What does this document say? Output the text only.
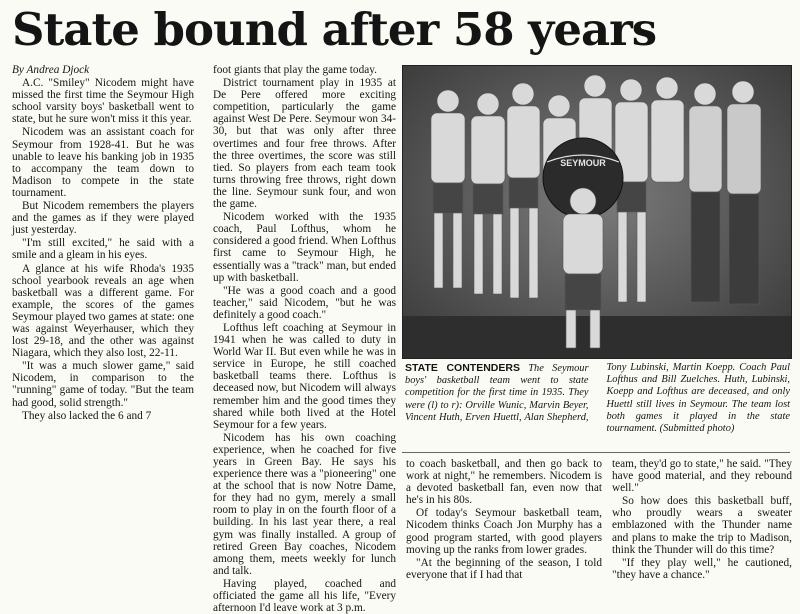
State bound after 58 years

By Andrea Djock

A.C. "Smiley" Nicodem might have missed the first time the Seymour High school varsity boys' basketball went to state, but he sure won't miss it this year.

Nicodem was an assistant coach for Seymour from 1928-41. But he was unable to leave his banking job in 1935 to accompany the team down to Madison to compete in the state tournament.

But Nicodem remembers the players and the games as if they were played just yesterday.

"I'm still excited," he said with a smile and a gleam in his eyes.

A glance at his wife Rhoda's 1935 school yearbook reveals an age when basketball was a different game. For example, the scores of the games Seymour played two games at state: one was against Weyerhauser, which they lost 29-18, and the other was against Niagara, which they also lost, 22-11.

"It was a much slower game," said Nicodem, in comparison to the "running" game of today. "But the team had good, solid strength."

They also lacked the 6 and 7

foot giants that play the game today.

District tournament play in 1935 at De Pere offered more exciting competition, particularly the game against West De Pere. Seymour won 34-30, but that was only after three overtimes and four free throws. After the three overtimes, the score was still tied. So players from each team took turns throwing free throws, right down the line. Seymour sunk four, and won the game.

Nicodem worked with the 1935 coach, Paul Lofthus, whom he considered a good friend. When Lofthus first came to Seymour High, he essentially was a "track" man, but ended up with basketball.

"He was a good coach and a good teacher," said Nicodem, "but he was definitely a good coach."

Lofthus left coaching at Seymour in 1941 when he was called to duty in World War II. But even while he was in service in Europe, he still coached basketball teams there. Lofthus is deceased now, but Nicodem will always remember him and the good times they shared while both lived at the Hotel Seymour for a few years.

Nicodem has his own coaching experience, when he coached for five years in Green Bay. He says his experience there was a "pioneering" one at the school that is now Notre Dame, for they had no gym, merely a small room to play in on the fourth floor of a building. In his last year there, a real gym was finally installed. A group of retired Green Bay coaches, Nicodem among them, meets weekly for lunch and talk.

Having played, coached and officiated the game all his life, "Every afternoon I'd leave work at 3 p.m.

SEYMOUR
STATE CONTENDERS The Seymour boys' basketball team went to state competition for the first time in 1935. They were (l) to r): Orville Wunic, Marvin Beyer, Vincent Huth, Erven Huettl, Alan Shepherd, Tony Lubinski, Martin Koepp. Coach Paul Lofthus and Bill Zuelches. Huth, Lubinski, Koepp and Lofthus are deceased, and only Huettl still lives in Seymour. The team lost both games it played in the state tournament. (Submitted photo)

to coach basketball, and then go back to work at night," he remembers. Nicodem is a devoted basketball fan, even now that he's in his 80s.

Of today's Seymour basketball team, Nicodem thinks Coach Jon Murphy has a good program started, with good players moving up the ranks from lower grades.

"At the beginning of the season, I told everyone that if I had that

team, they'd go to state," he said. "They have good material, and they rebound well."

So how does this basketball buff, who proudly wears a sweater emblazoned with the Thunder name and plans to make the trip to Madison, think the Thunder will do this time?

"If they play well," he cautioned, "they have a chance."
